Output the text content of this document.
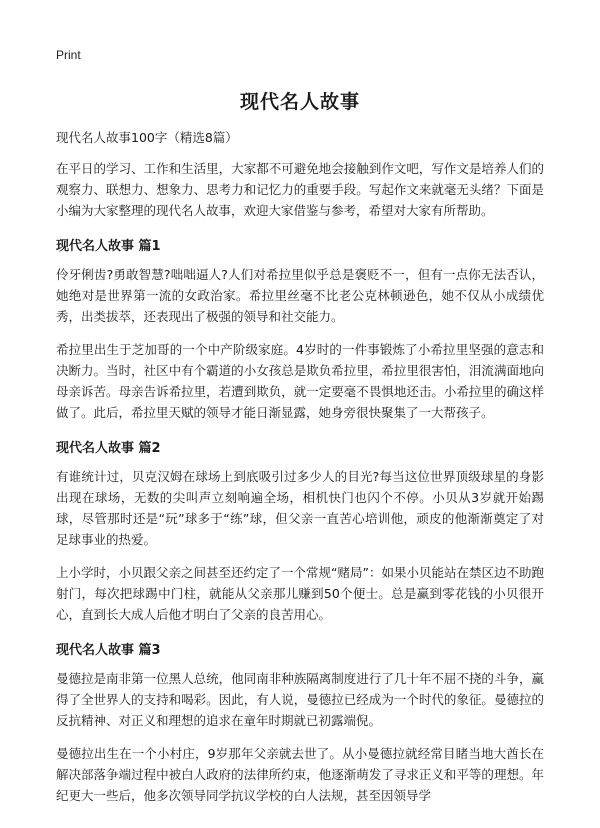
Print
现代名人故事
现代名人故事100字（精选8篇）

在平日的学习、工作和生活里，大家都不可避免地会接触到作文吧，写作文是培养人们的观察力、联想力、想象力、思考力和记忆力的重要手段。写起作文来就毫无头绪？下面是小编为大家整理的现代名人故事，欢迎大家借鉴与参考，希望对大家有所帮助。

现代名人故事 篇1

伶牙俐齿?勇敢智慧?咄咄逼人?人们对希拉里似乎总是褒贬不一，但有一点你无法否认，她绝对是世界第一流的女政治家。希拉里丝毫不比老公克林顿逊色，她不仅从小成绩优秀，出类拔萃，还表现出了极强的领导和社交能力。

希拉里出生于芝加哥的一个中产阶级家庭。4岁时的一件事锻炼了小希拉里坚强的意志和决断力。当时，社区中有个霸道的小女孩总是欺负希拉里，希拉里很害怕，泪流满面地向母亲诉苦。母亲告诉希拉里，若遭到欺负，就一定要毫不畏惧地还击。小希拉里的确这样做了。此后，希拉里天赋的领导才能日渐显露，她身旁很快聚集了一大帮孩子。

现代名人故事 篇2

有谁统计过，贝克汉姆在球场上到底吸引过多少人的目光?每当这位世界顶级球星的身影出现在球场，无数的尖叫声立刻响遍全场，相机快门也闪个不停。小贝从3岁就开始踢球，尽管那时还是“玩”球多于“练”球，但父亲一直苦心培训他，顽皮的他渐渐奠定了对足球事业的热爱。

上小学时，小贝跟父亲之间甚至还约定了一个常规“赌局”：如果小贝能站在禁区边不助跑射门，每次把球踢中门柱，就能从父亲那儿赚到50个便士。总是赢到零花钱的小贝很开心，直到长大成人后他才明白了父亲的良苦用心。

现代名人故事 篇3

曼德拉是南非第一位黑人总统，他同南非种族隔离制度进行了几十年不屈不挠的斗争，赢得了全世界人的支持和喝彩。因此，有人说，曼德拉已经成为一个时代的象征。曼德拉的反抗精神、对正义和理想的追求在童年时期就已初露端倪。

曼德拉出生在一个小村庄，9岁那年父亲就去世了。从小曼德拉就经常目睹当地大酋长在解决部落争端过程中被白人政府的法律所约束，他逐渐萌发了寻求正义和平等的理想。年纪更大一些后，他多次领导同学抗议学校的白人法规，甚至因领导学
